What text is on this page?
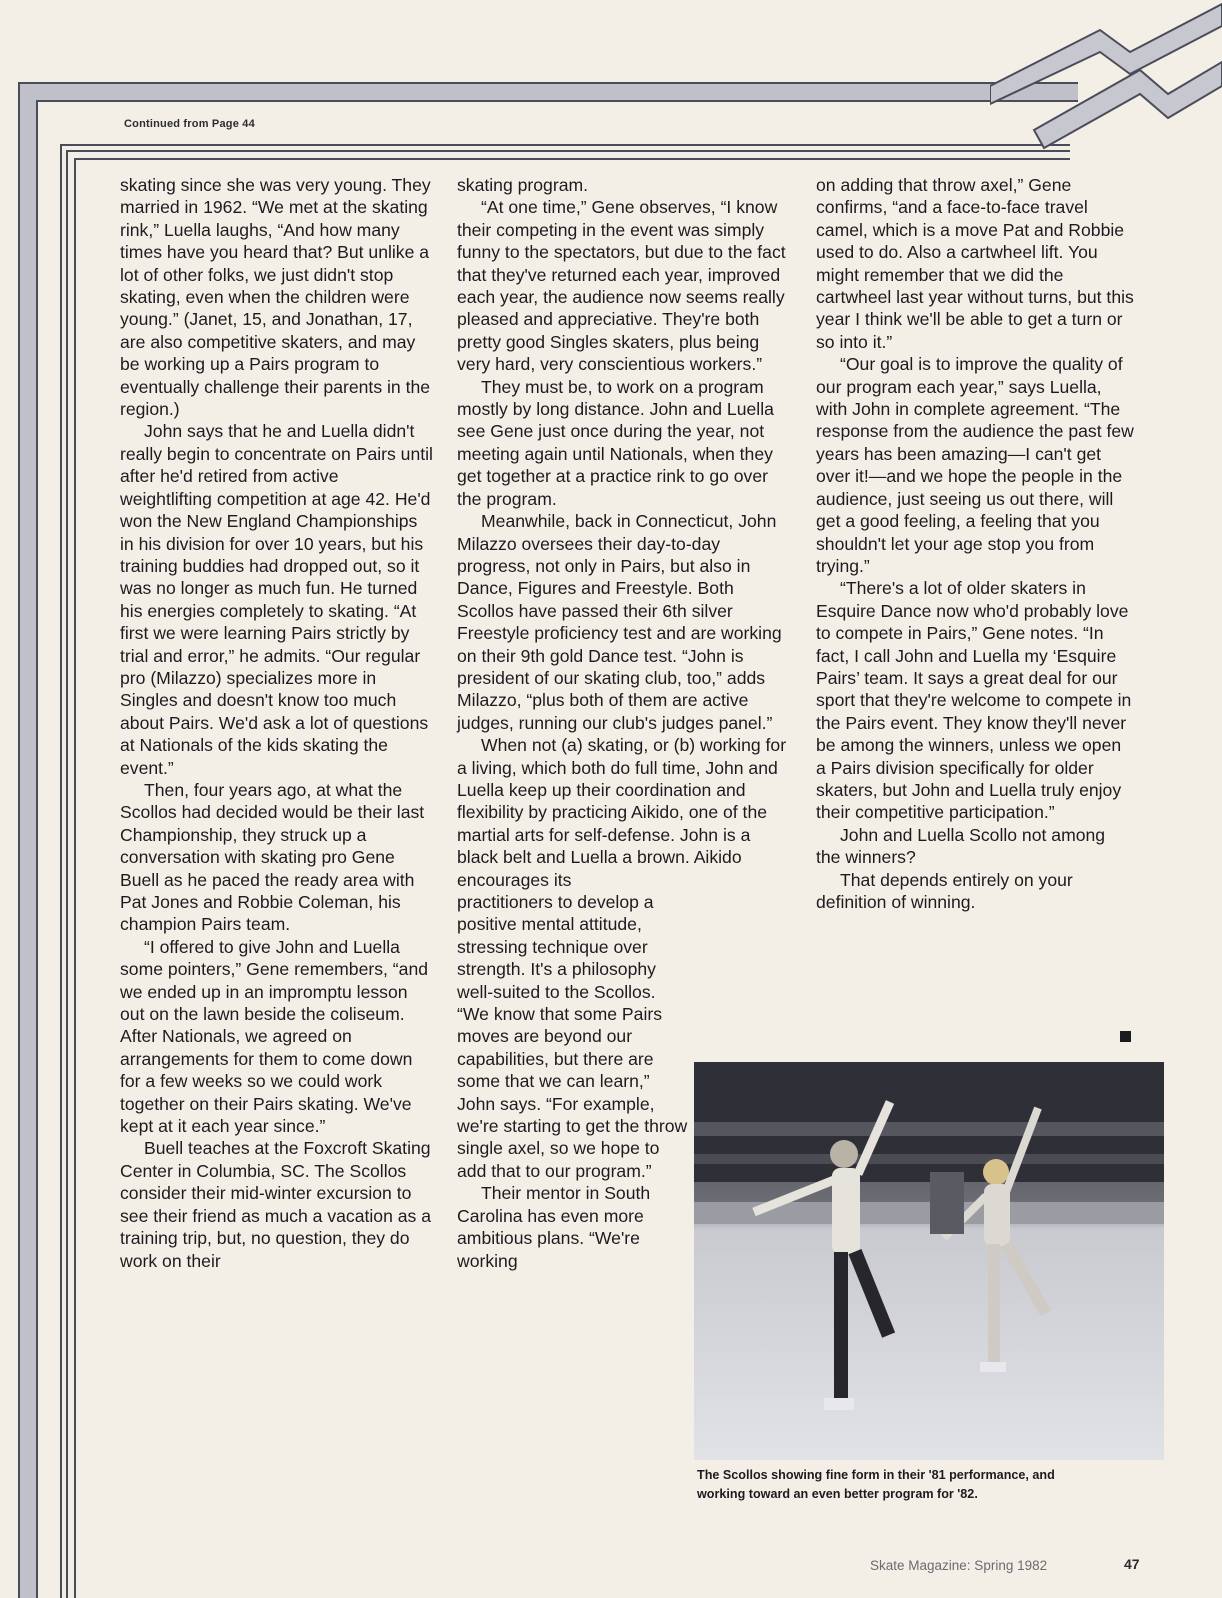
Continued from Page 44

skating since she was very young. They married in 1962. “We met at the skating rink,” Luella laughs, “And how many times have you heard that? But unlike a lot of other folks, we just didn't stop skating, even when the children were young.” (Janet, 15, and Jonathan, 17, are also competitive skaters, and may be working up a Pairs program to eventually challenge their parents in the region.)

John says that he and Luella didn't really begin to concentrate on Pairs until after he'd retired from active weightlifting competition at age 42. He'd won the New England Championships in his division for over 10 years, but his training buddies had dropped out, so it was no longer as much fun. He turned his energies completely to skating. “At first we were learning Pairs strictly by trial and error,” he admits. “Our regular pro (Milazzo) specializes more in Singles and doesn't know too much about Pairs. We'd ask a lot of questions at Nationals of the kids skating the event.”

Then, four years ago, at what the Scollos had decided would be their last Championship, they struck up a conversation with skating pro Gene Buell as he paced the ready area with Pat Jones and Robbie Coleman, his champion Pairs team.

“I offered to give John and Luella some pointers,” Gene remembers, “and we ended up in an impromptu lesson out on the lawn beside the coliseum. After Nationals, we agreed on arrangements for them to come down for a few weeks so we could work together on their Pairs skating. We've kept at it each year since.”

Buell teaches at the Foxcroft Skating Center in Columbia, SC. The Scollos consider their mid-winter excursion to see their friend as much a vacation as a training trip, but, no question, they do work on their

skating program.

“At one time,” Gene observes, “I know their competing in the event was simply funny to the spectators, but due to the fact that they've returned each year, improved each year, the audience now seems really pleased and appreciative. They're both pretty good Singles skaters, plus being very hard, very conscientious workers.”

They must be, to work on a program mostly by long distance. John and Luella see Gene just once during the year, not meeting again until Nationals, when they get together at a practice rink to go over the program.

Meanwhile, back in Connecticut, John Milazzo oversees their day-to-day progress, not only in Pairs, but also in Dance, Figures and Freestyle. Both Scollos have passed their 6th silver Freestyle proficiency test and are working on their 9th gold Dance test. “John is president of our skating club, too,” adds Milazzo, “plus both of them are active judges, running our club's judges panel.”

When not (a) skating, or (b) working for a living, which both do full time, John and Luella keep up their coordination and flexibility by practicing Aikido, one of the martial arts for self-defense. John is a black belt and Luella a brown. Aikido encourages its

practitioners to develop a positive mental attitude, stressing technique over strength. It's a philosophy well-suited to the Scollos. “We know that some Pairs moves are beyond our capabilities, but there are some that we can learn,” John says. “For example, we're starting to get the throw single axel, so we hope to add that to our program.”

Their mentor in South Carolina has even more ambitious plans. “We're working

on adding that throw axel,” Gene confirms, “and a face-to-face travel camel, which is a move Pat and Robbie used to do. Also a cartwheel lift. You might remember that we did the cartwheel last year without turns, but this year I think we'll be able to get a turn or so into it.”

“Our goal is to improve the quality of our program each year,” says Luella, with John in complete agreement. “The response from the audience the past few years has been amazing—I can't get over it!—and we hope the people in the audience, just seeing us out there, will get a good feeling, a feeling that you shouldn't let your age stop you from trying.”

“There's a lot of older skaters in Esquire Dance now who'd probably love to compete in Pairs,” Gene notes. “In fact, I call John and Luella my ‘Esquire Pairs’ team. It says a great deal for our sport that they're welcome to compete in the Pairs event. They know they'll never be among the winners, unless we open a Pairs division specifically for older skaters, but John and Luella truly enjoy their competitive participation.”

John and Luella Scollo not among the winners?

That depends entirely on your definition of winning.

The Scollos showing fine form in their '81 performance, and
working toward an even better program for '82.
Skate Magazine: Spring 1982	47
